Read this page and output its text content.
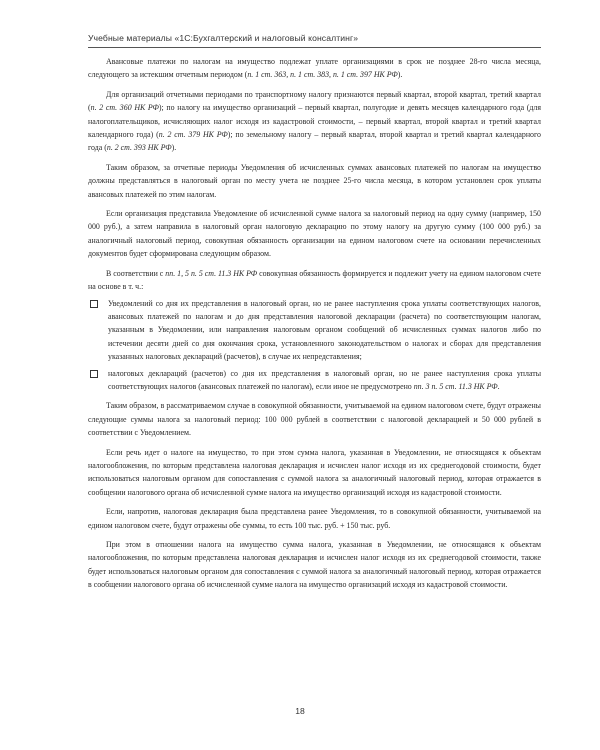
Учебные материалы «1С:Бухгалтерский и налоговый консалтинг»

Авансовые платежи по налогам на имущество подлежат уплате организациями в срок не позднее 28-го числа месяца, следующего за истекшим отчетным периодом (п. 1 ст. 363, п. 1 ст. 383, п. 1 ст. 397 НК РФ).

Для организаций отчетными периодами по транспортному налогу признаются первый квартал, второй квартал, третий квартал (п. 2 ст. 360 НК РФ); по налогу на имущество организаций – первый квартал, полугодие и девять месяцев календарного года (для налогоплательщиков, исчисляющих налог исходя из кадастровой стоимости, – первый квартал, второй квартал и третий квартал календарного года) (п. 2 ст. 379 НК РФ); по земельному налогу – первый квартал, второй квартал и третий квартал календарного года (п. 2 ст. 393 НК РФ).

Таким образом, за отчетные периоды Уведомления об исчисленных суммах авансовых платежей по налогам на имущество должны представляться в налоговый орган по месту учета не позднее 25-го числа месяца, в котором установлен срок уплаты авансовых платежей по этим налогам.

Если организация представила Уведомление об исчисленной сумме налога за налоговый период на одну сумму (например, 150 000 руб.), а затем направила в налоговый орган налоговую декларацию по этому налогу на другую сумму (100 000 руб.) за аналогичный налоговый период, совокупная обязанность организации на едином налоговом счете на основании перечисленных документов будет сформирована следующим образом.

В соответствии с пп. 1, 5 п. 5 ст. 11.3 НК РФ совокупная обязанность формируется и подлежит учету на едином налоговом счете на основе в т. ч.:

Уведомлений со дня их представления в налоговый орган, но не ранее наступления срока уплаты соответствующих налогов, авансовых платежей по налогам и до дня представления налоговой декларации (расчета) по соответствующим налогам, указанным в Уведомлении, или направления налоговым органом сообщений об исчисленных суммах налогов либо по истечении десяти дней со дня окончания срока, установленного законодательством о налогах и сборах для представления указанных налоговых деклараций (расчетов), в случае их непредставления;
налоговых деклараций (расчетов) со дня их представления в налоговый орган, но не ранее наступления срока уплаты соответствующих налогов (авансовых платежей по налогам), если иное не предусмотрено пп. 3 п. 5 ст. 11.3 НК РФ.

Таким образом, в рассматриваемом случае в совокупной обязанности, учитываемой на едином налоговом счете, будут отражены следующие суммы налога за налоговый период: 100 000 рублей в соответствии с налоговой декларацией и 50 000 рублей в соответствии с Уведомлением.

Если речь идет о налоге на имущество, то при этом сумма налога, указанная в Уведомлении, не относящаяся к объектам налогообложения, по которым представлена налоговая декларация и исчислен налог исходя из их среднегодовой стоимости, будет использоваться налоговым органом для сопоставления с суммой налога за аналогичный налоговый период, которая отражается в сообщении налогового органа об исчисленной сумме налога на имущество организаций исходя из кадастровой стоимости.

Если, напротив, налоговая декларация была представлена ранее Уведомления, то в совокупной обязанности, учитываемой на едином налоговом счете, будут отражены обе суммы, то есть 100 тыс. руб. + 150 тыс. руб.

При этом в отношении налога на имущество сумма налога, указанная в Уведомлении, не относящаяся к объектам налогообложения, по которым представлена налоговая декларация и исчислен налог исходя из их среднегодовой стоимости, также будет использоваться налоговым органом для сопоставления с суммой налога за аналогичный налоговый период, которая отражается в сообщении налогового органа об исчисленной сумме налога на имущество организаций исходя из кадастровой стоимости.

18
